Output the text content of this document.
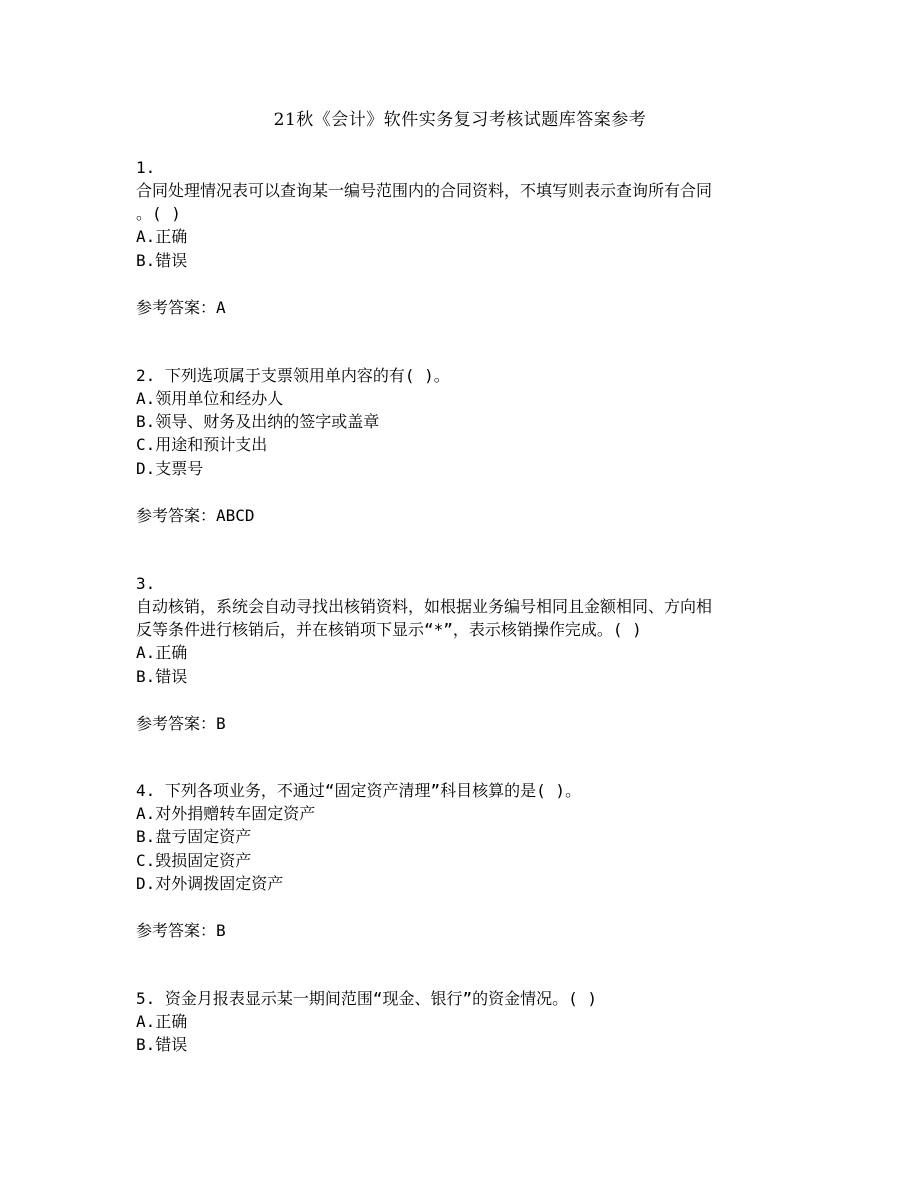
21秋《会计》软件实务复习考核试题库答案参考
1.
合同处理情况表可以查询某一编号范围内的合同资料，不填写则表示查询所有合同
。( )
A.正确
B.错误
参考答案：A
2. 下列选项属于支票领用单内容的有( )。
A.领用单位和经办人
B.领导、财务及出纳的签字或盖章
C.用途和预计支出
D.支票号
参考答案：ABCD
3.
自动核销，系统会自动寻找出核销资料，如根据业务编号相同且金额相同、方向相
反等条件进行核销后，并在核销项下显示“*”，表示核销操作完成。( )
A.正确
B.错误
参考答案：B
4. 下列各项业务，不通过“固定资产清理”科目核算的是( )。
A.对外捐赠转车固定资产
B.盘亏固定资产
C.毁损固定资产
D.对外调拨固定资产
参考答案：B
5. 资金月报表显示某一期间范围“现金、银行”的资金情况。( )
A.正确
B.错误
